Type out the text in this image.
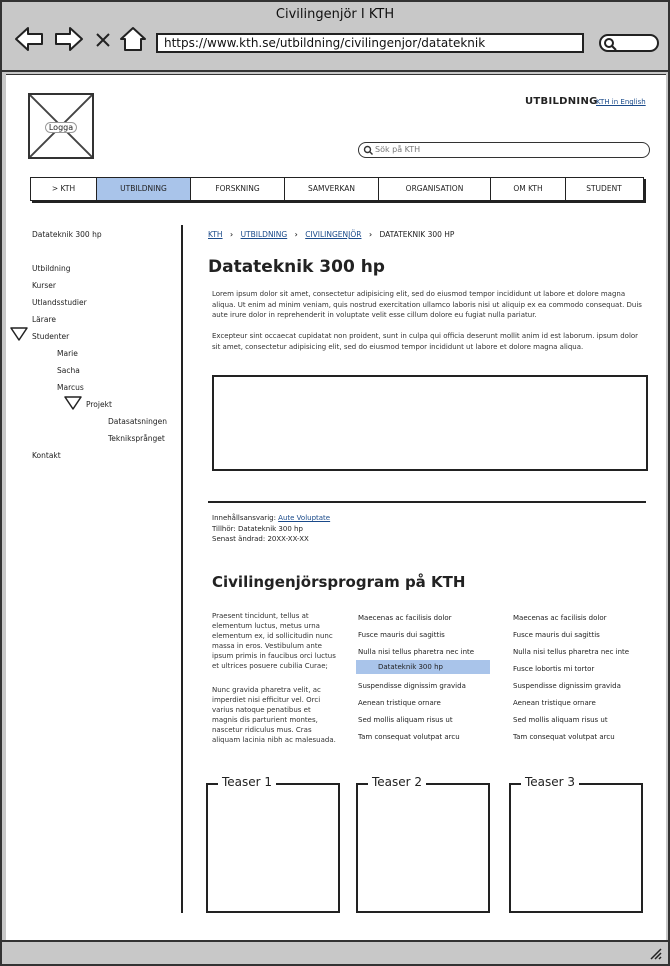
Civilingenjör I KTH
https://www.kth.se/utbildning/civilingenjor/datateknik
Logga
UTBILDNING
KTH in English
Sök på KTH
> KTH	UTBILDNING	FORSKNING	SAMVERKAN	ORGANISATION	OM KTH	STUDENT
Datateknik 300 hp
Utbildning
Kurser
Utlandsstudier
Lärare
Studenter
Marie
Sacha
Marcus
Projekt
Datasatsningen
Tekniksprånget
Kontakt
KTH › UTBILDNING › CIVILINGENJÖR › DATATEKNIK 300 HP
Datateknik 300 hp
Lorem ipsum dolor sit amet, consectetur adipisicing elit, sed do eiusmod tempor incididunt ut labore et dolore magna aliqua. Ut enim ad minim veniam, quis nostrud exercitation ullamco laboris nisi ut aliquip ex ea commodo consequat. Duis aute irure dolor in reprehenderit in voluptate velit esse cillum dolore eu fugiat nulla pariatur.
Excepteur sint occaecat cupidatat non proident, sunt in culpa qui officia deserunt mollit anim id est laborum. ipsum dolor sit amet, consectetur adipisicing elit, sed do eiusmod tempor incididunt ut labore et dolore magna aliqua.
Innehållsansvarig: Aute Voluptate
Tillhör: Datateknik 300 hp
Senast ändrad: 20XX-XX-XX
Civilingenjörsprogram på KTH
Praesent tincidunt, tellus at elementum luctus, metus urna elementum ex, id sollicitudin nunc massa in eros. Vestibulum ante ipsum primis in faucibus orci luctus et ultrices posuere cubilia Curae;
Nunc gravida pharetra velit, ac imperdiet nisi efficitur vel. Orci varius natoque penatibus et magnis dis parturient montes, nascetur ridiculus mus. Cras aliquam lacinia nibh ac malesuada.
Maecenas ac facilisis dolor
Fusce mauris dui sagittis
Nulla nisi tellus pharetra nec inte
Datateknik 300 hp
Suspendisse dignissim gravida
Aenean tristique ornare
Sed mollis aliquam risus ut
Tam consequat volutpat arcu
Maecenas ac facilisis dolor
Fusce mauris dui sagittis
Nulla nisi tellus pharetra nec inte
Fusce lobortis mi tortor
Suspendisse dignissim gravida
Aenean tristique ornare
Sed mollis aliquam risus ut
Tam consequat volutpat arcu
Teaser 1	Teaser 2	Teaser 3
